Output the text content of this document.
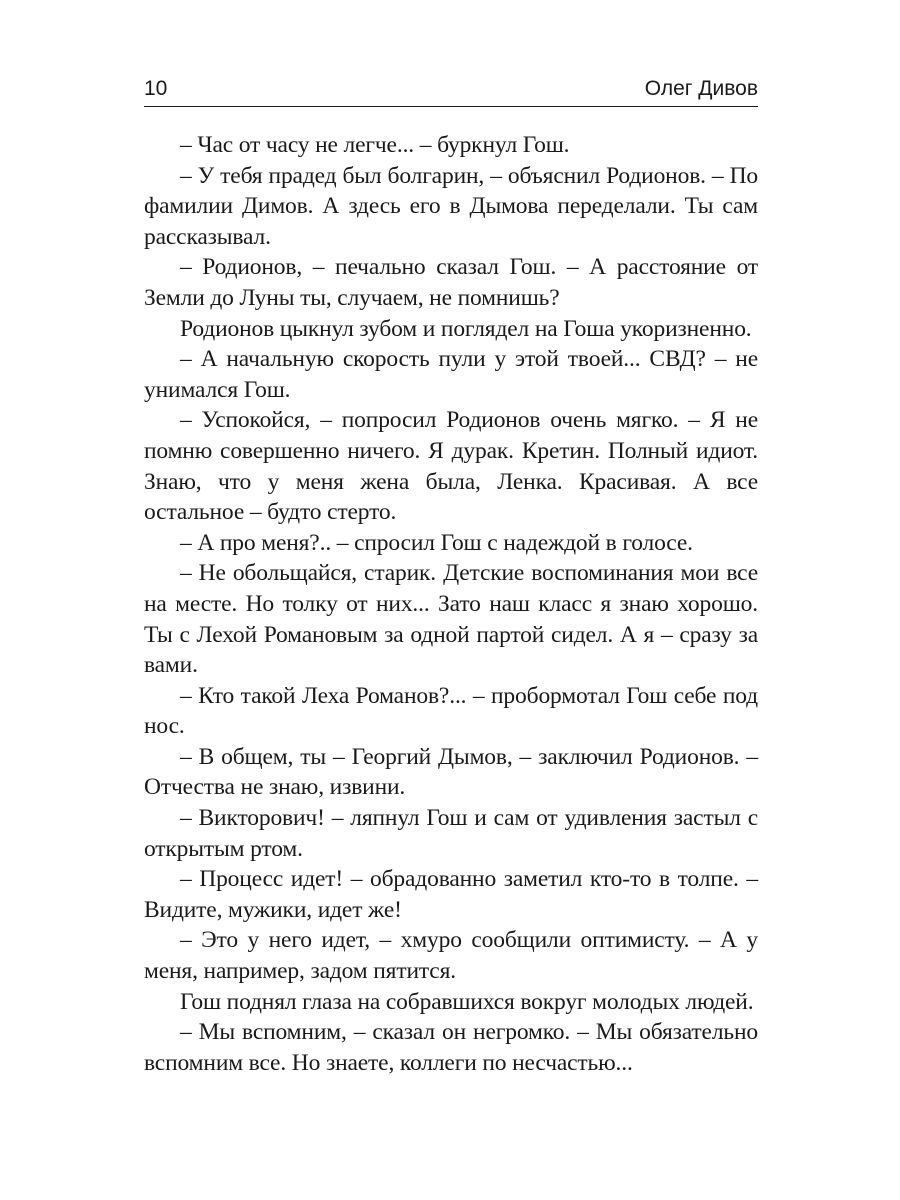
10	Олег Дивов

– Час от часу не легче... – буркнул Гош.

– У тебя прадед был болгарин, – объяснил Родионов. – По фамилии Димов. А здесь его в Дымова переделали. Ты сам рассказывал.

– Родионов, – печально сказал Гош. – А расстояние от Земли до Луны ты, случаем, не помнишь?

Родионов цыкнул зубом и поглядел на Гоша укоризненно.

– А начальную скорость пули у этой твоей... СВД? – не унимался Гош.

– Успокойся, – попросил Родионов очень мягко. – Я не помню совершенно ничего. Я дурак. Кретин. Полный идиот. Знаю, что у меня жена была, Ленка. Красивая. А все остальное – будто стерто.

– А про меня?.. – спросил Гош с надеждой в голосе.

– Не обольщайся, старик. Детские воспоминания мои все на месте. Но толку от них... Зато наш класс я знаю хорошо. Ты с Лехой Романовым за одной партой сидел. А я – сразу за вами.

– Кто такой Леха Романов?... – пробормотал Гош себе под нос.

– В общем, ты – Георгий Дымов, – заключил Родионов. – Отчества не знаю, извини.

– Викторович! – ляпнул Гош и сам от удивления застыл с открытым ртом.

– Процесс идет! – обрадованно заметил кто-то в толпе. – Видите, мужики, идет же!

– Это у него идет, – хмуро сообщили оптимисту. – А у меня, например, задом пятится.

Гош поднял глаза на собравшихся вокруг молодых людей.

– Мы вспомним, – сказал он негромко. – Мы обязательно вспомним все. Но знаете, коллеги по несчастью...
